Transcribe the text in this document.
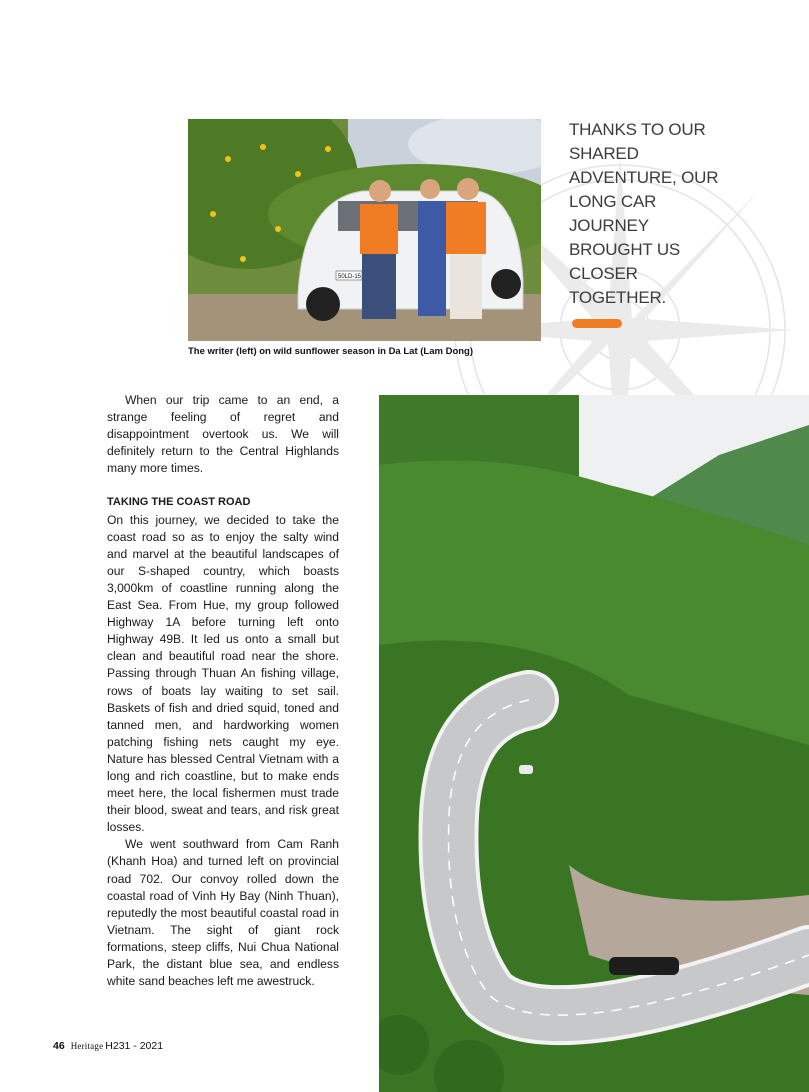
50LD-15
The writer (left) on wild sunflower season in Da Lat (Lam Dong)
THANKS TO OUR
SHARED
ADVENTURE, OUR
LONG CAR
JOURNEY
BROUGHT US
CLOSER
TOGETHER.

When our trip came to an end, a strange feeling of regret and disappointment overtook us. We will definitely return to the Central Highlands many more times.

TAKING THE COAST ROAD

On this journey, we decided to take the coast road so as to enjoy the salty wind and marvel at the beautiful landscapes of our S-shaped country, which boasts 3,000km of coastline running along the East Sea. From Hue, my group followed Highway 1A before turning left onto Highway 49B. It led us onto a small but clean and beautiful road near the shore. Passing through Thuan An fishing village, rows of boats lay waiting to set sail. Baskets of fish and dried squid, toned and tanned men, and hardworking women patching fishing nets caught my eye. Nature has blessed Central Vietnam with a long and rich coastline, but to make ends meet here, the local fishermen must trade their blood, sweat and tears, and risk great losses.

We went southward from Cam Ranh (Khanh Hoa) and turned left on provincial road 702. Our convoy rolled down the coastal road of Vinh Hy Bay (Ninh Thuan), reputedly the most beautiful coastal road in Vietnam. The sight of giant rock formations, steep cliffs, Nui Chua National Park, the distant blue sea, and endless white sand beaches left me awestruck.

46 Heritage H231 - 2021
